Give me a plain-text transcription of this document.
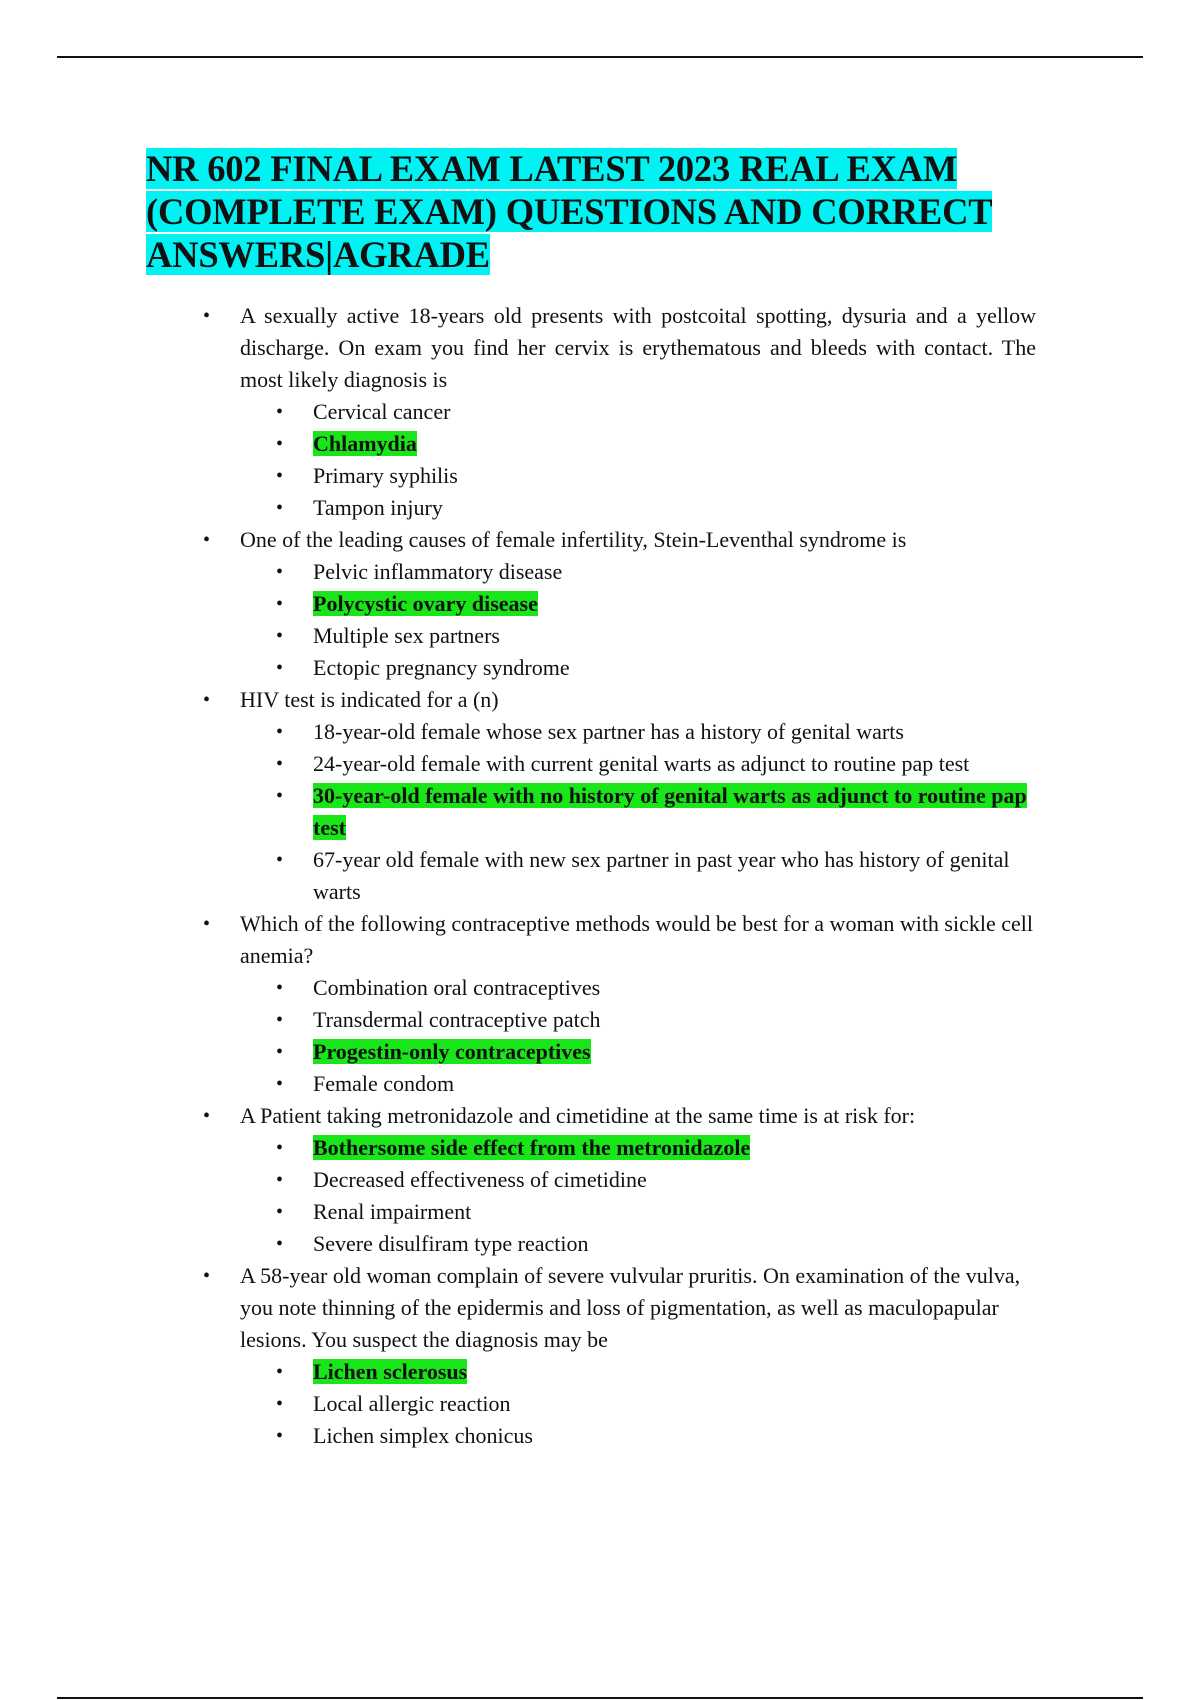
NR 602 FINAL EXAM LATEST 2023 REAL EXAM
(COMPLETE EXAM) QUESTIONS AND CORRECT
ANSWERS|AGRADE
• A sexually active 18-years old presents with postcoital spotting, dysuria and a yellow discharge. On exam you find her cervix is erythematous and bleeds with contact. The most likely diagnosis is
• Cervical cancer
• Chlamydia
• Primary syphilis
• Tampon injury
• One of the leading causes of female infertility, Stein-Leventhal syndrome is
• Pelvic inflammatory disease
• Polycystic ovary disease
• Multiple sex partners
• Ectopic pregnancy syndrome
• HIV test is indicated for a (n)
• 18-year-old female whose sex partner has a history of genital warts
• 24-year-old female with current genital warts as adjunct to routine pap test
• 30-year-old female with no history of genital warts as adjunct to routine pap test
• 67-year old female with new sex partner in past year who has history of genital warts
• Which of the following contraceptive methods would be best for a woman with sickle cell anemia?
• Combination oral contraceptives
• Transdermal contraceptive patch
• Progestin-only contraceptives
• Female condom
• A Patient taking metronidazole and cimetidine at the same time is at risk for:
• Bothersome side effect from the metronidazole
• Decreased effectiveness of cimetidine
• Renal impairment
• Severe disulfiram type reaction
• A 58-year old woman complain of severe vulvular pruritis. On examination of the vulva, you note thinning of the epidermis and loss of pigmentation, as well as maculopapular lesions. You suspect the diagnosis may be
• Lichen sclerosus
• Local allergic reaction
• Lichen simplex chonicus
